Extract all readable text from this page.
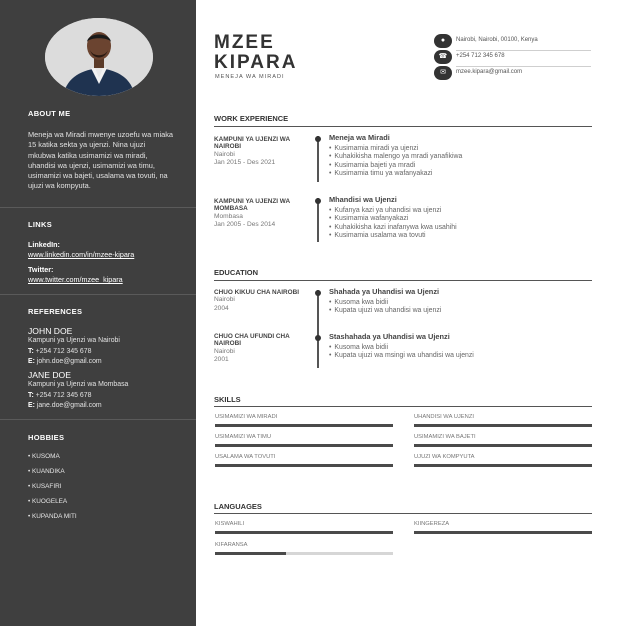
ABOUT ME
Meneja wa Miradi mwenye uzoefu wa miaka 15 katika sekta ya ujenzi. Nina ujuzi mkubwa katika usimamizi wa miradi, uhandisi wa ujenzi, usimamizi wa timu, usimamizi wa bajeti, usalama wa tovuti, na ujuzi wa kompyuta.
LINKS
LinkedIn:
www.linkedin.com/in/mzee-kipara
Twitter:
www.twitter.com/mzee_kipara
REFERENCES
JOHN DOE
Kampuni ya Ujenzi wa Nairobi
T: +254 712 345 678
E: john.doe@gmail.com
JANE DOE
Kampuni ya Ujenzi wa Mombasa
T: +254 712 345 678
E: jane.doe@gmail.com
HOBBIES
• KUSOMA
• KUANDIKA
• KUSAFIRI
• KUOGELEA
• KUPANDA MITI
MZEE
KIPARA
MENEJA WA MIRADI
●	Nairobi, Nairobi, 00100, Kenya
☎	+254 712 345 678
✉	mzee.kipara@gmail.com
WORK EXPERIENCE
KAMPUNI YA UJENZI WA NAIROBI
Nairobi
Jan 2015 - Des 2021
Meneja wa Miradi
• Kusimamia miradi ya ujenzi
• Kuhakikisha malengo ya mradi yanafikiwa
• Kusimamia bajeti ya mradi
• Kusimamia timu ya wafanyakazi
KAMPUNI YA UJENZI WA MOMBASA
Mombasa
Jan 2005 - Des 2014
Mhandisi wa Ujenzi
• Kufanya kazi ya uhandisi wa ujenzi
• Kusimamia wafanyakazi
• Kuhakikisha kazi inafanywa kwa usahihi
• Kusimamia usalama wa tovuti
EDUCATION
CHUO KIKUU CHA NAIROBI
Nairobi
2004
Shahada ya Uhandisi wa Ujenzi
• Kusoma kwa bidii
• Kupata ujuzi wa uhandisi wa ujenzi
CHUO CHA UFUNDI CHA NAIROBI
Nairobi
2001
Stashahada ya Uhandisi wa Ujenzi
• Kusoma kwa bidii
• Kupata ujuzi wa msingi wa uhandisi wa ujenzi
SKILLS
USIMAMIZI WA MIRADI	UHANDISI WA UJENZI
USIMAMIZI WA TIMU	USIMAMIZI WA BAJETI
USALAMA WA TOVUTI	UJUZI WA KOMPYUTA
LANGUAGES
KISWAHILI	KIINGEREZA
KIFARANSA
